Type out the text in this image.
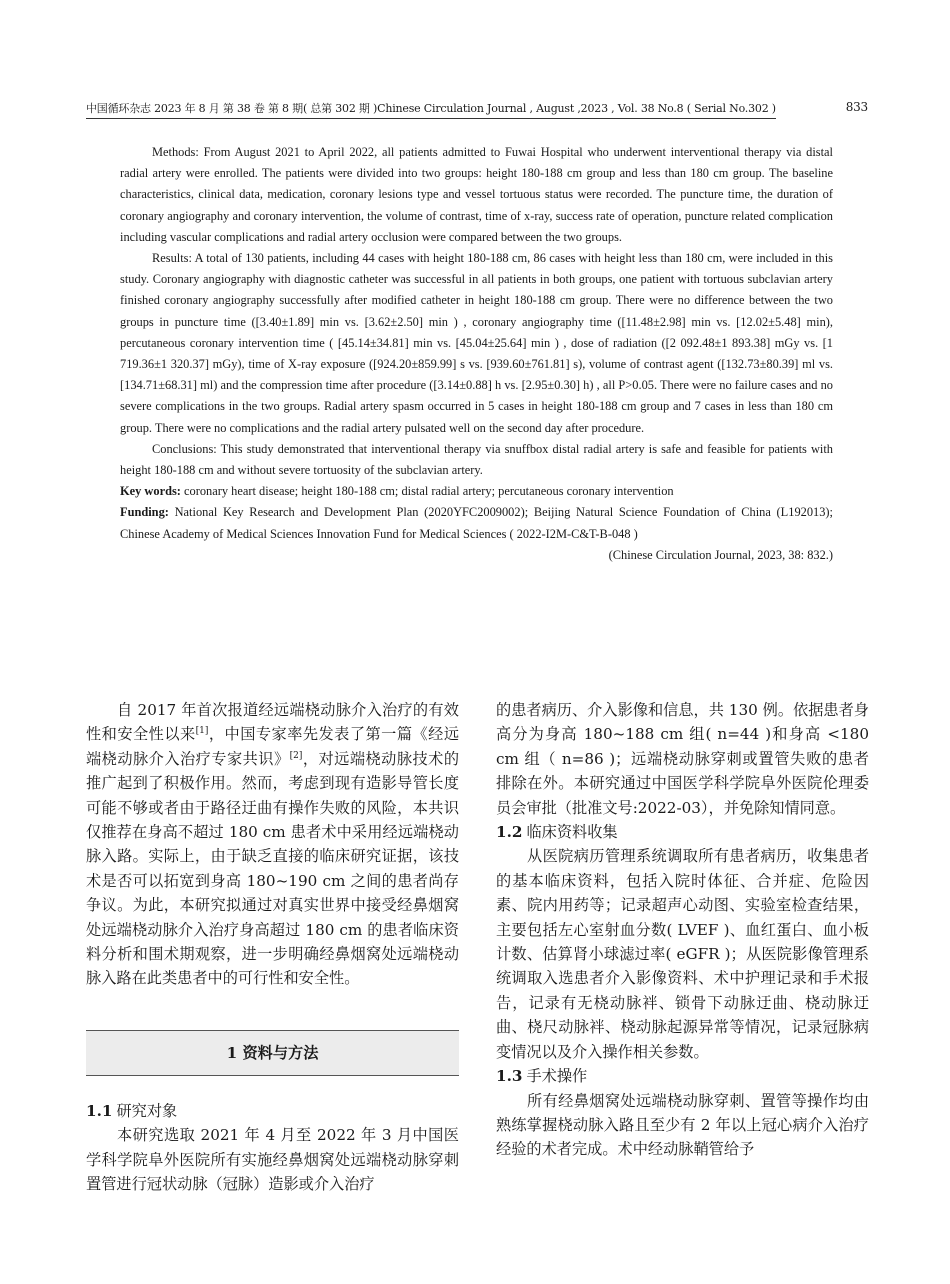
中国循环杂志 2023 年 8 月 第 38 卷 第 8 期( 总第 302 期 )Chinese Circulation Journal , August ,2023 , Vol. 38 No.8 ( Serial No.302 )	833

Methods: From August 2021 to April 2022, all patients admitted to Fuwai Hospital who underwent interventional therapy via distal radial artery were enrolled. The patients were divided into two groups: height 180-188 cm group and less than 180 cm group. The baseline characteristics, clinical data, medication, coronary lesions type and vessel tortuous status were recorded. The puncture time, the duration of coronary angiography and coronary intervention, the volume of contrast, time of x-ray, success rate of operation, puncture related complication including vascular complications and radial artery occlusion were compared between the two groups.

Results: A total of 130 patients, including 44 cases with height 180-188 cm, 86 cases with height less than 180 cm, were included in this study. Coronary angiography with diagnostic catheter was successful in all patients in both groups, one patient with tortuous subclavian artery finished coronary angiography successfully after modified catheter in height 180-188 cm group. There were no difference between the two groups in puncture time ([3.40±1.89] min vs. [3.62±2.50] min ) , coronary angiography time ([11.48±2.98] min vs. [12.02±5.48] min), percutaneous coronary intervention time ( [45.14±34.81] min vs. [45.04±25.64] min ) , dose of radiation ([2 092.48±1 893.38] mGy vs. [1 719.36±1 320.37] mGy), time of X-ray exposure ([924.20±859.99] s vs. [939.60±761.81] s), volume of contrast agent ([132.73±80.39] ml vs. [134.71±68.31] ml) and the compression time after procedure ([3.14±0.88] h vs. [2.95±0.30] h) , all P>0.05. There were no failure cases and no severe complications in the two groups. Radial artery spasm occurred in 5 cases in height 180-188 cm group and 7 cases in less than 180 cm group. There were no complications and the radial artery pulsated well on the second day after procedure.

Conclusions: This study demonstrated that interventional therapy via snuffbox distal radial artery is safe and feasible for patients with height 180-188 cm and without severe tortuosity of the subclavian artery.

Key words: coronary heart disease; height 180-188 cm; distal radial artery; percutaneous coronary intervention

Funding: National Key Research and Development Plan (2020YFC2009002); Beijing Natural Science Foundation of China (L192013); Chinese Academy of Medical Sciences Innovation Fund for Medical Sciences ( 2022-I2M-C&T-B-048 )

(Chinese Circulation Journal, 2023, 38: 832.)

自 2017 年首次报道经远端桡动脉介入治疗的有效性和安全性以来[1]，中国专家率先发表了第一篇《经远端桡动脉介入治疗专家共识》[2]，对远端桡动脉技术的推广起到了积极作用。然而，考虑到现有造影导管长度可能不够或者由于路径迂曲有操作失败的风险，本共识仅推荐在身高不超过 180 cm 患者术中采用经远端桡动脉入路。实际上，由于缺乏直接的临床研究证据，该技术是否可以拓宽到身高 180~190 cm 之间的患者尚存争议。为此，本研究拟通过对真实世界中接受经鼻烟窝处远端桡动脉介入治疗身高超过 180 cm 的患者临床资料分析和围术期观察，进一步明确经鼻烟窝处远端桡动脉入路在此类患者中的可行性和安全性。

1 资料与方法

1.1 研究对象

本研究选取 2021 年 4 月至 2022 年 3 月中国医学科学院阜外医院所有实施经鼻烟窝处远端桡动脉穿刺置管进行冠状动脉（冠脉）造影或介入治疗

的患者病历、介入影像和信息，共 130 例。依据患者身高分为身高 180~188 cm 组( n=44 )和身高 <180 cm 组（ n=86 )；远端桡动脉穿刺或置管失败的患者排除在外。本研究通过中国医学科学院阜外医院伦理委员会审批（批准文号:2022-03），并免除知情同意。

1.2 临床资料收集

从医院病历管理系统调取所有患者病历，收集患者的基本临床资料，包括入院时体征、合并症、危险因素、院内用药等；记录超声心动图、实验室检查结果，主要包括左心室射血分数( LVEF )、血红蛋白、血小板计数、估算肾小球滤过率( eGFR )；从医院影像管理系统调取入选患者介入影像资料、术中护理记录和手术报告，记录有无桡动脉袢、锁骨下动脉迂曲、桡动脉迂曲、桡尺动脉袢、桡动脉起源异常等情况，记录冠脉病变情况以及介入操作相关参数。

1.3 手术操作

所有经鼻烟窝处远端桡动脉穿刺、置管等操作均由熟练掌握桡动脉入路且至少有 2 年以上冠心病介入治疗经验的术者完成。术中经动脉鞘管给予
